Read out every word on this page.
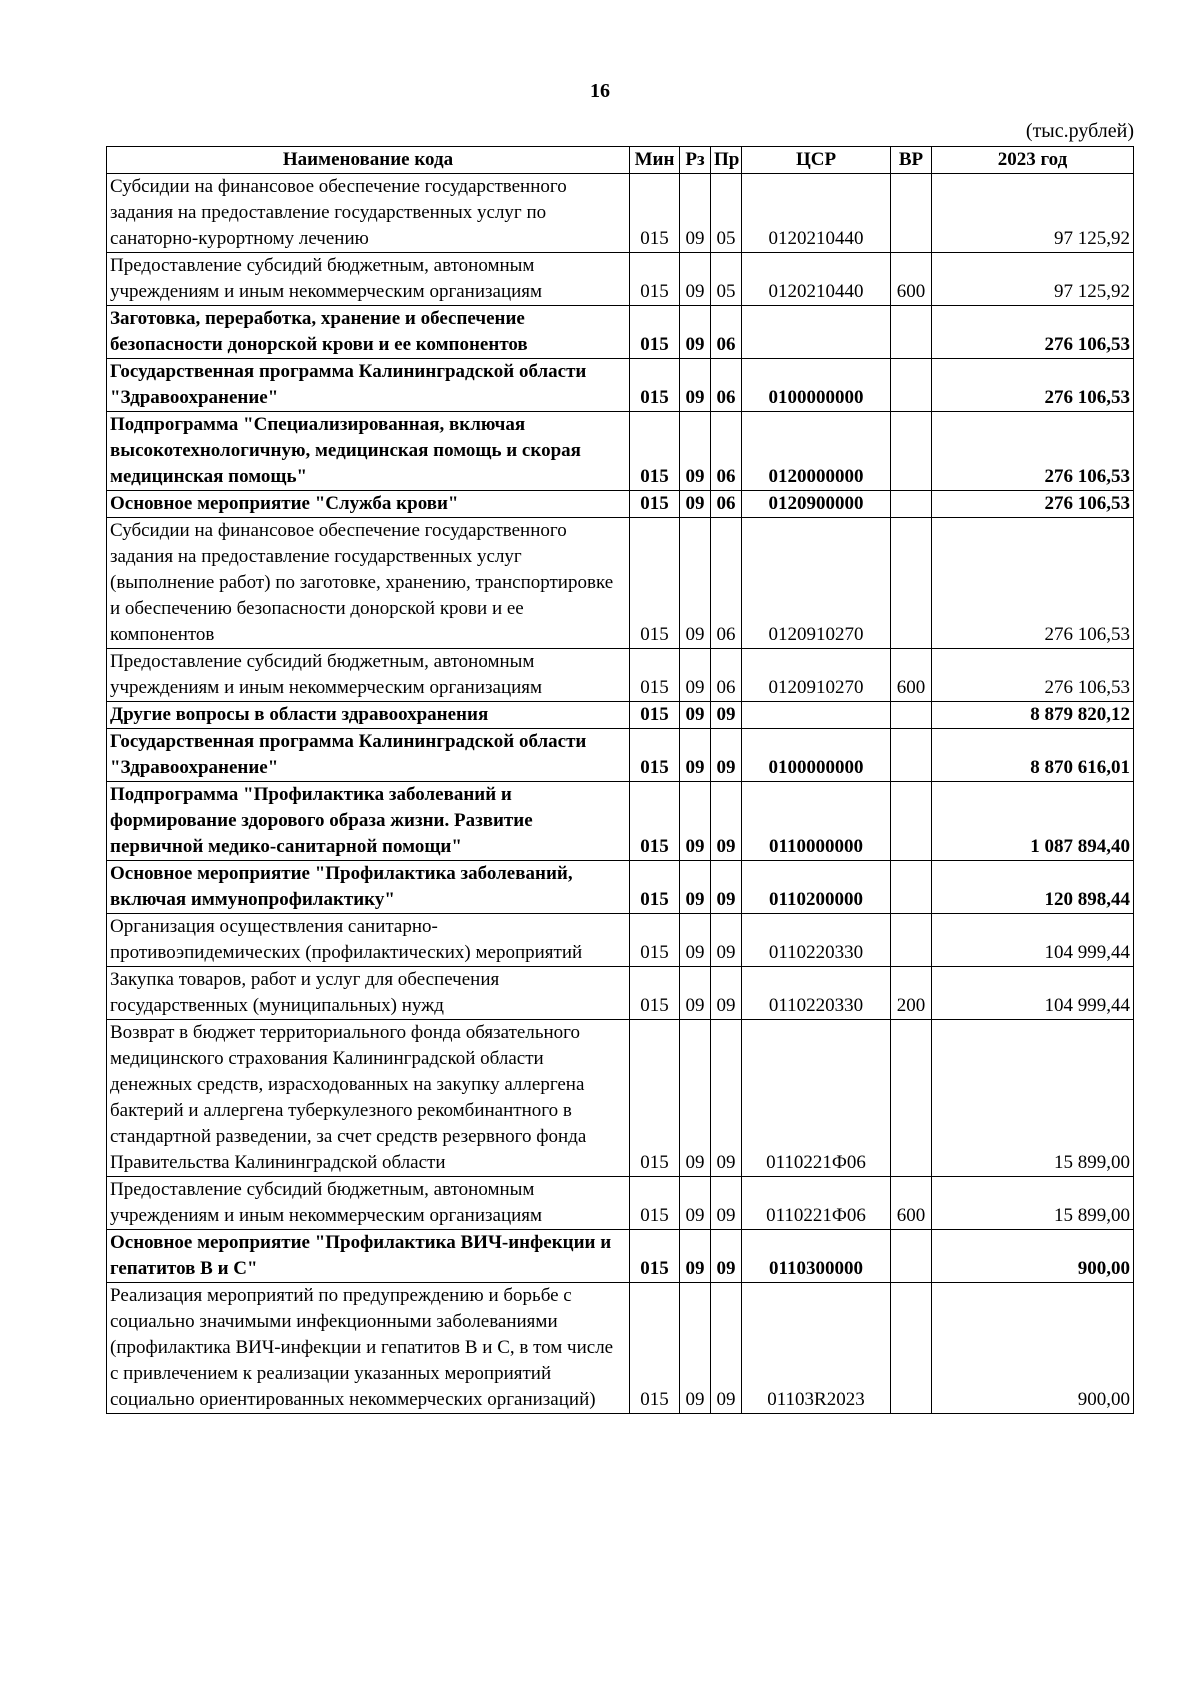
16
(тыс.рублей)
Наименование кода	Мин	Рз	Пр	ЦСР	ВР	2023 год
Субсидии на финансовое обеспечение государственного задания на предоставление государственных услуг по санаторно-курортному лечению	015	09	05	0120210440		97 125,92
Предоставление субсидий бюджетным, автономным учреждениям и иным некоммерческим организациям	015	09	05	0120210440	600	97 125,92
Заготовка, переработка, хранение и обеспечение безопасности донорской крови и ее компонентов	015	09	06			276 106,53
Государственная программа Калининградской области "Здравоохранение"	015	09	06	0100000000		276 106,53
Подпрограмма "Специализированная, включая высокотехнологичную, медицинская помощь и скорая медицинская помощь"	015	09	06	0120000000		276 106,53
Основное мероприятие "Служба крови"	015	09	06	0120900000		276 106,53
Субсидии на финансовое обеспечение государственного задания на предоставление государственных услуг (выполнение работ) по заготовке, хранению, транспортировке и обеспечению безопасности донорской крови и ее компонентов	015	09	06	0120910270		276 106,53
Предоставление субсидий бюджетным, автономным учреждениям и иным некоммерческим организациям	015	09	06	0120910270	600	276 106,53
Другие вопросы в области здравоохранения	015	09	09			8 879 820,12
Государственная программа Калининградской области "Здравоохранение"	015	09	09	0100000000		8 870 616,01
Подпрограмма "Профилактика заболеваний и формирование здорового образа жизни. Развитие первичной медико-санитарной помощи"	015	09	09	0110000000		1 087 894,40
Основное мероприятие "Профилактика заболеваний, включая иммунопрофилактику"	015	09	09	0110200000		120 898,44
Организация осуществления санитарно-противоэпидемических (профилактических) мероприятий	015	09	09	0110220330		104 999,44
Закупка товаров, работ и услуг для обеспечения государственных (муниципальных) нужд	015	09	09	0110220330	200	104 999,44
Возврат в бюджет территориального фонда обязательного медицинского страхования Калининградской области денежных средств, израсходованных на закупку аллергена бактерий и аллергена туберкулезного рекомбинантного в стандартной разведении, за счет средств резервного фонда Правительства Калининградской области	015	09	09	0110221Ф06		15 899,00
Предоставление субсидий бюджетным, автономным учреждениям и иным некоммерческим организациям	015	09	09	0110221Ф06	600	15 899,00
Основное мероприятие "Профилактика ВИЧ-инфекции и гепатитов В и С"	015	09	09	0110300000		900,00
Реализация мероприятий по предупреждению и борьбе с социально значимыми инфекционными заболеваниями (профилактика ВИЧ-инфекции и гепатитов В и С, в том числе с привлечением к реализации указанных мероприятий социально ориентированных некоммерческих организаций)	015	09	09	01103R2023		900,00
